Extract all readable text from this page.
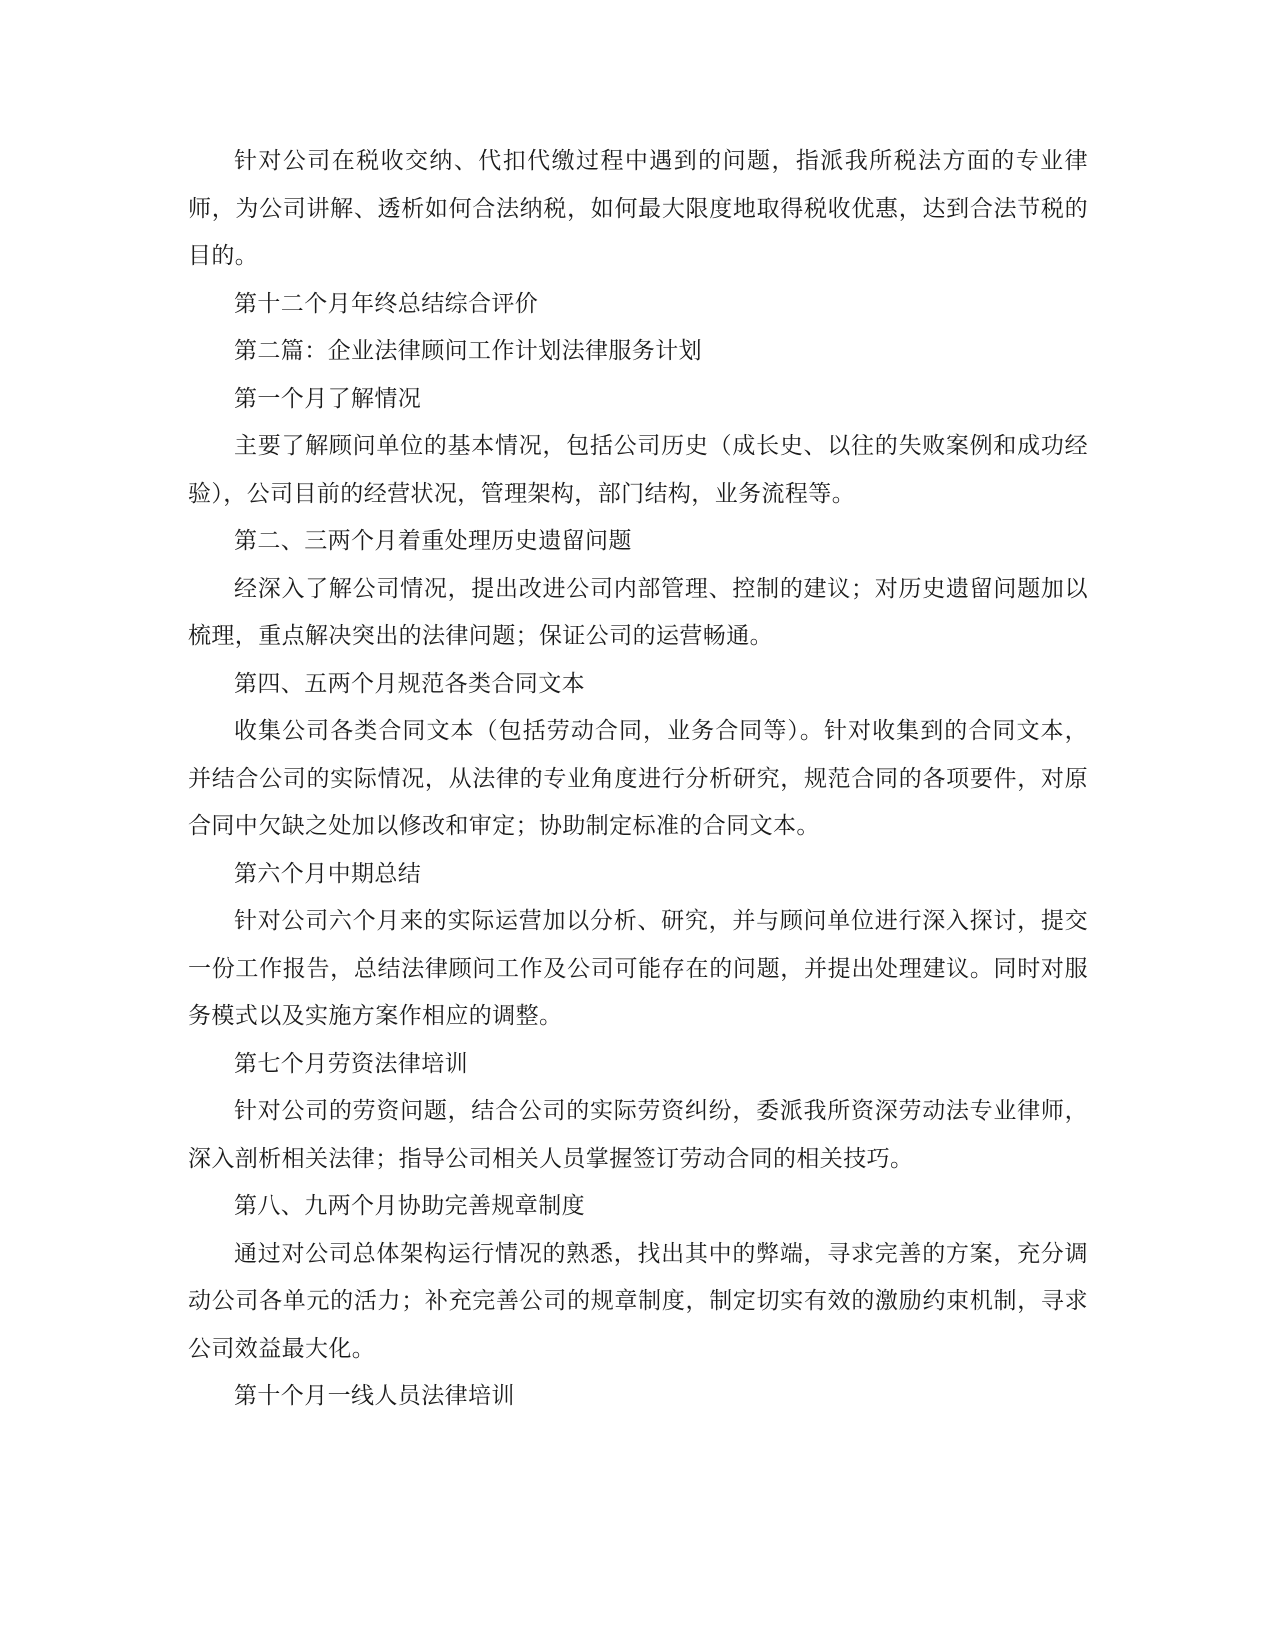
针对公司在税收交纳、代扣代缴过程中遇到的问题，指派我所税法方面的专业律师，为公司讲解、透析如何合法纳税，如何最大限度地取得税收优惠，达到合法节税的目的。

第十二个月年终总结综合评价

第二篇：企业法律顾问工作计划法律服务计划

第一个月了解情况

主要了解顾问单位的基本情况，包括公司历史（成长史、以往的失败案例和成功经验），公司目前的经营状况，管理架构，部门结构，业务流程等。

第二、三两个月着重处理历史遗留问题

经深入了解公司情况，提出改进公司内部管理、控制的建议；对历史遗留问题加以梳理，重点解决突出的法律问题；保证公司的运营畅通。

第四、五两个月规范各类合同文本

收集公司各类合同文本（包括劳动合同，业务合同等）。针对收集到的合同文本，并结合公司的实际情况，从法律的专业角度进行分析研究，规范合同的各项要件，对原合同中欠缺之处加以修改和审定；协助制定标准的合同文本。

第六个月中期总结

针对公司六个月来的实际运营加以分析、研究，并与顾问单位进行深入探讨，提交一份工作报告，总结法律顾问工作及公司可能存在的问题，并提出处理建议。同时对服务模式以及实施方案作相应的调整。

第七个月劳资法律培训

针对公司的劳资问题，结合公司的实际劳资纠纷，委派我所资深劳动法专业律师，深入剖析相关法律；指导公司相关人员掌握签订劳动合同的相关技巧。

第八、九两个月协助完善规章制度

通过对公司总体架构运行情况的熟悉，找出其中的弊端，寻求完善的方案，充分调动公司各单元的活力；补充完善公司的规章制度，制定切实有效的激励约束机制，寻求公司效益最大化。

第十个月一线人员法律培训
